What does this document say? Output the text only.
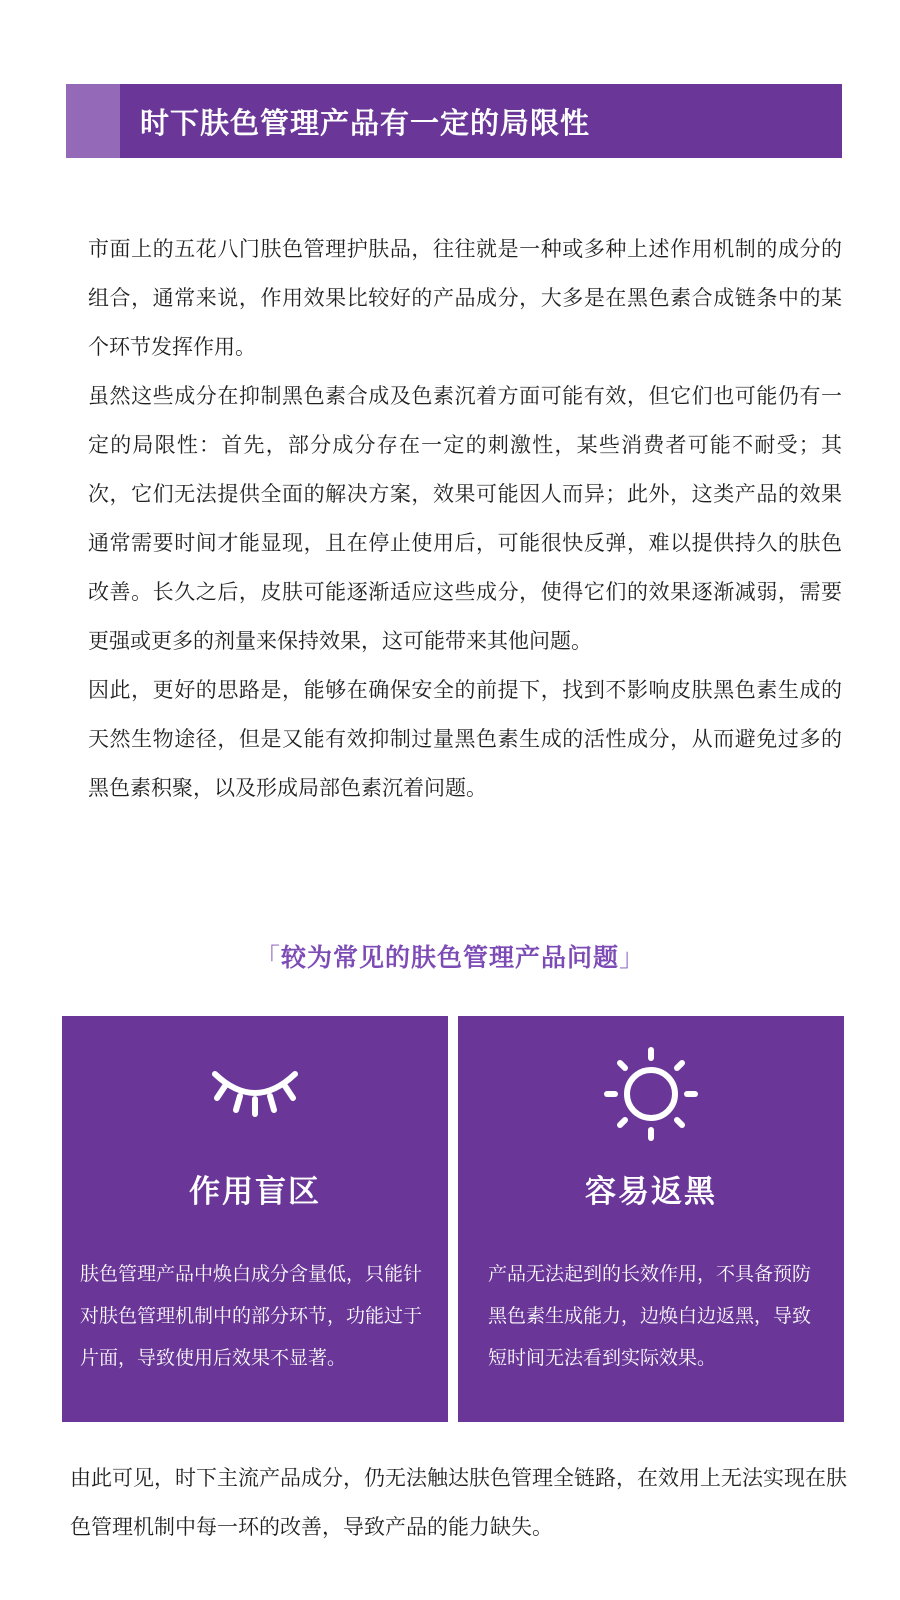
时下肤色管理产品有一定的局限性

市面上的五花八门肤色管理护肤品，往往就是一种或多种上述作用机制的成分的组合，通常来说，作用效果比较好的产品成分，大多是在黑色素合成链条中的某个环节发挥作用。

虽然这些成分在抑制黑色素合成及色素沉着方面可能有效，但它们也可能仍有一定的局限性：首先，部分成分存在一定的刺激性，某些消费者可能不耐受；其次，它们无法提供全面的解决方案，效果可能因人而异；此外，这类产品的效果通常需要时间才能显现，且在停止使用后，可能很快反弹，难以提供持久的肤色改善。长久之后，皮肤可能逐渐适应这些成分，使得它们的效果逐渐减弱，需要更强或更多的剂量来保持效果，这可能带来其他问题。

因此，更好的思路是，能够在确保安全的前提下，找到不影响皮肤黑色素生成的天然生物途径，但是又能有效抑制过量黑色素生成的活性成分，从而避免过多的黑色素积聚，以及形成局部色素沉着问题。

「较为常见的肤色管理产品问题」
作用盲区

肤色管理产品中焕白成分含量低，只能针对肤色管理机制中的部分环节，功能过于片面，导致使用后效果不显著。

容易返黑

产品无法起到的长效作用，不具备预防黑色素生成能力，边焕白边返黑，导致短时间无法看到实际效果。

由此可见，时下主流产品成分，仍无法触达肤色管理全链路，在效用上无法实现在肤色管理机制中每一环的改善，导致产品的能力缺失。
